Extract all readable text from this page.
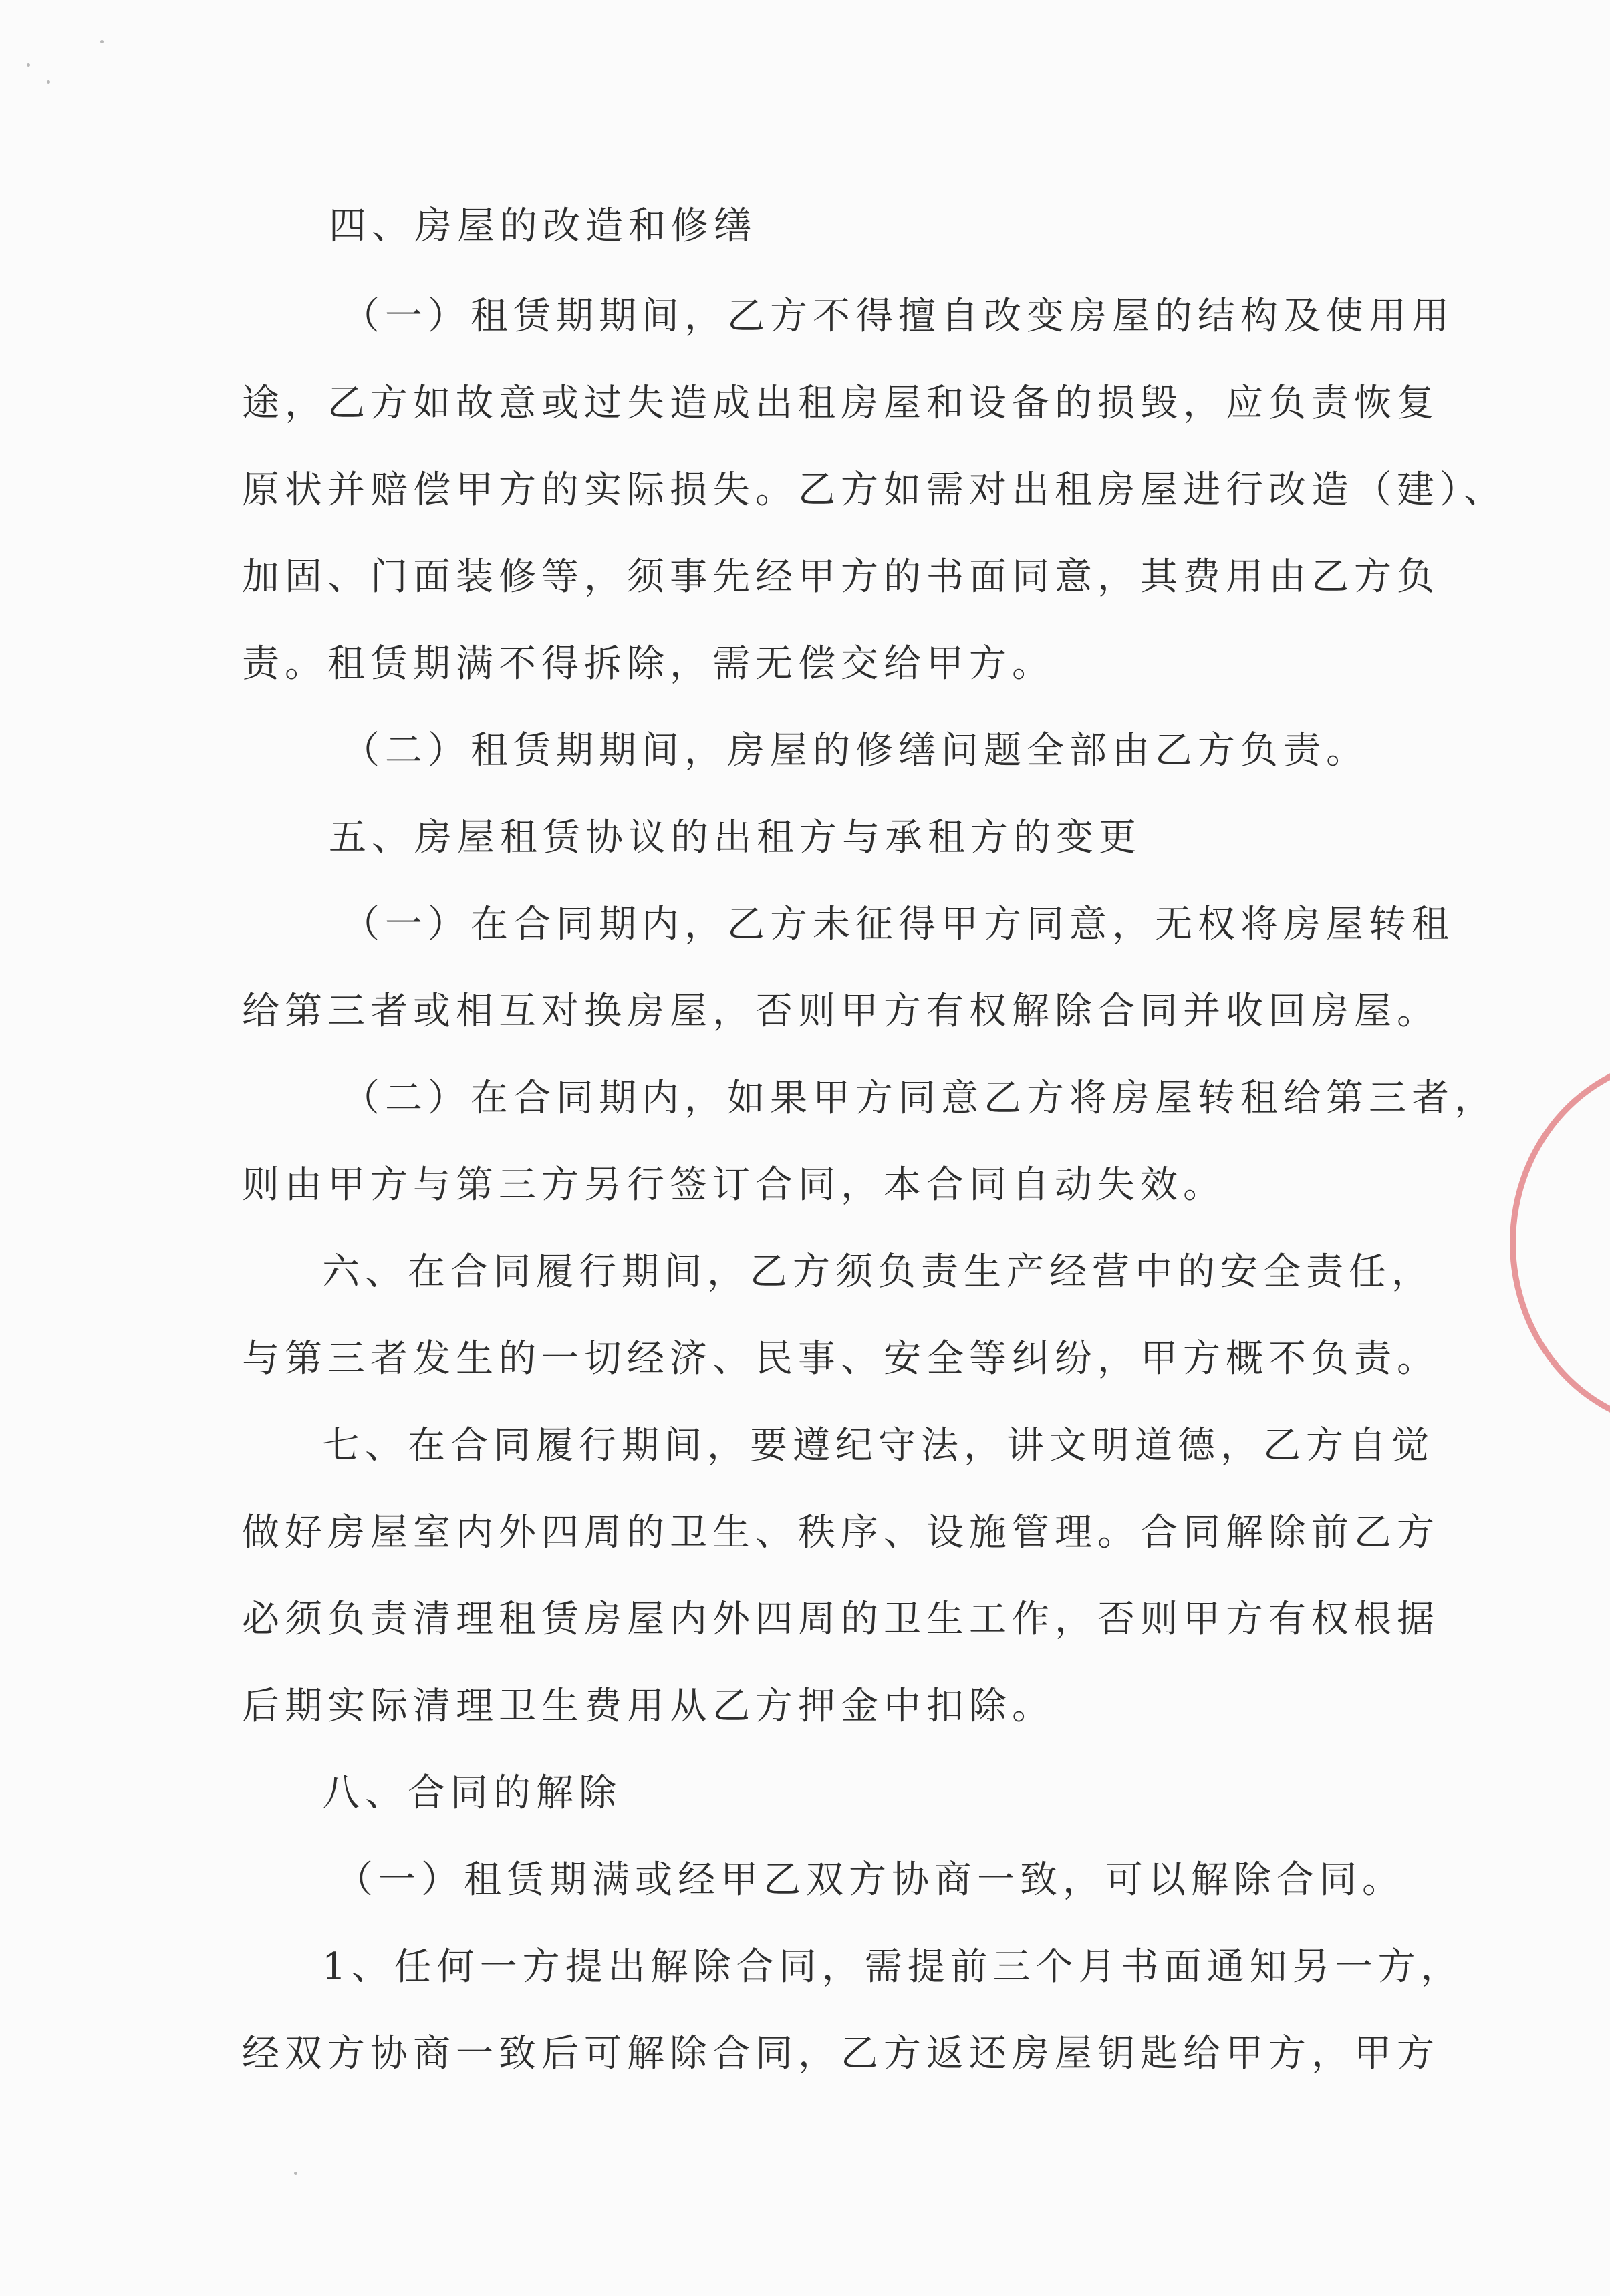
四、房屋的改造和修缮
（一）租赁期期间，乙方不得擅自改变房屋的结构及使用用
途，乙方如故意或过失造成出租房屋和设备的损毁，应负责恢复
原状并赔偿甲方的实际损失。乙方如需对出租房屋进行改造（建）、
加固、门面装修等，须事先经甲方的书面同意，其费用由乙方负
责。租赁期满不得拆除，需无偿交给甲方。
（二）租赁期期间，房屋的修缮问题全部由乙方负责。
五、房屋租赁协议的出租方与承租方的变更
（一）在合同期内，乙方未征得甲方同意，无权将房屋转租
给第三者或相互对换房屋，否则甲方有权解除合同并收回房屋。
（二）在合同期内，如果甲方同意乙方将房屋转租给第三者，
则由甲方与第三方另行签订合同，本合同自动失效。
六、在合同履行期间，乙方须负责生产经营中的安全责任，
与第三者发生的一切经济、民事、安全等纠纷，甲方概不负责。
七、在合同履行期间，要遵纪守法，讲文明道德，乙方自觉
做好房屋室内外四周的卫生、秩序、设施管理。合同解除前乙方
必须负责清理租赁房屋内外四周的卫生工作，否则甲方有权根据
后期实际清理卫生费用从乙方押金中扣除。
八、合同的解除
（一）租赁期满或经甲乙双方协商一致，可以解除合同。
1、任何一方提出解除合同，需提前三个月书面通知另一方，
经双方协商一致后可解除合同，乙方返还房屋钥匙给甲方，甲方
